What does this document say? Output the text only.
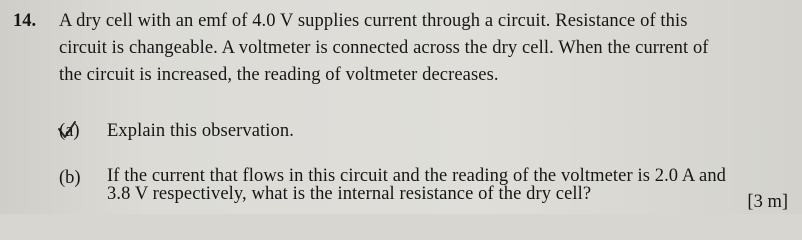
14. A dry cell with an emf of 4.0 V supplies current through a circuit. Resistance of this
circuit is changeable. A voltmeter is connected across the dry cell. When the current of
the circuit is increased, the reading of voltmeter decreases.
(a) Explain this observation.
(b) If the current that flows in this circuit and the reading of the voltmeter is 2.0 A and
3.8 V respectively, what is the internal resistance of the dry cell?	[3 m]
